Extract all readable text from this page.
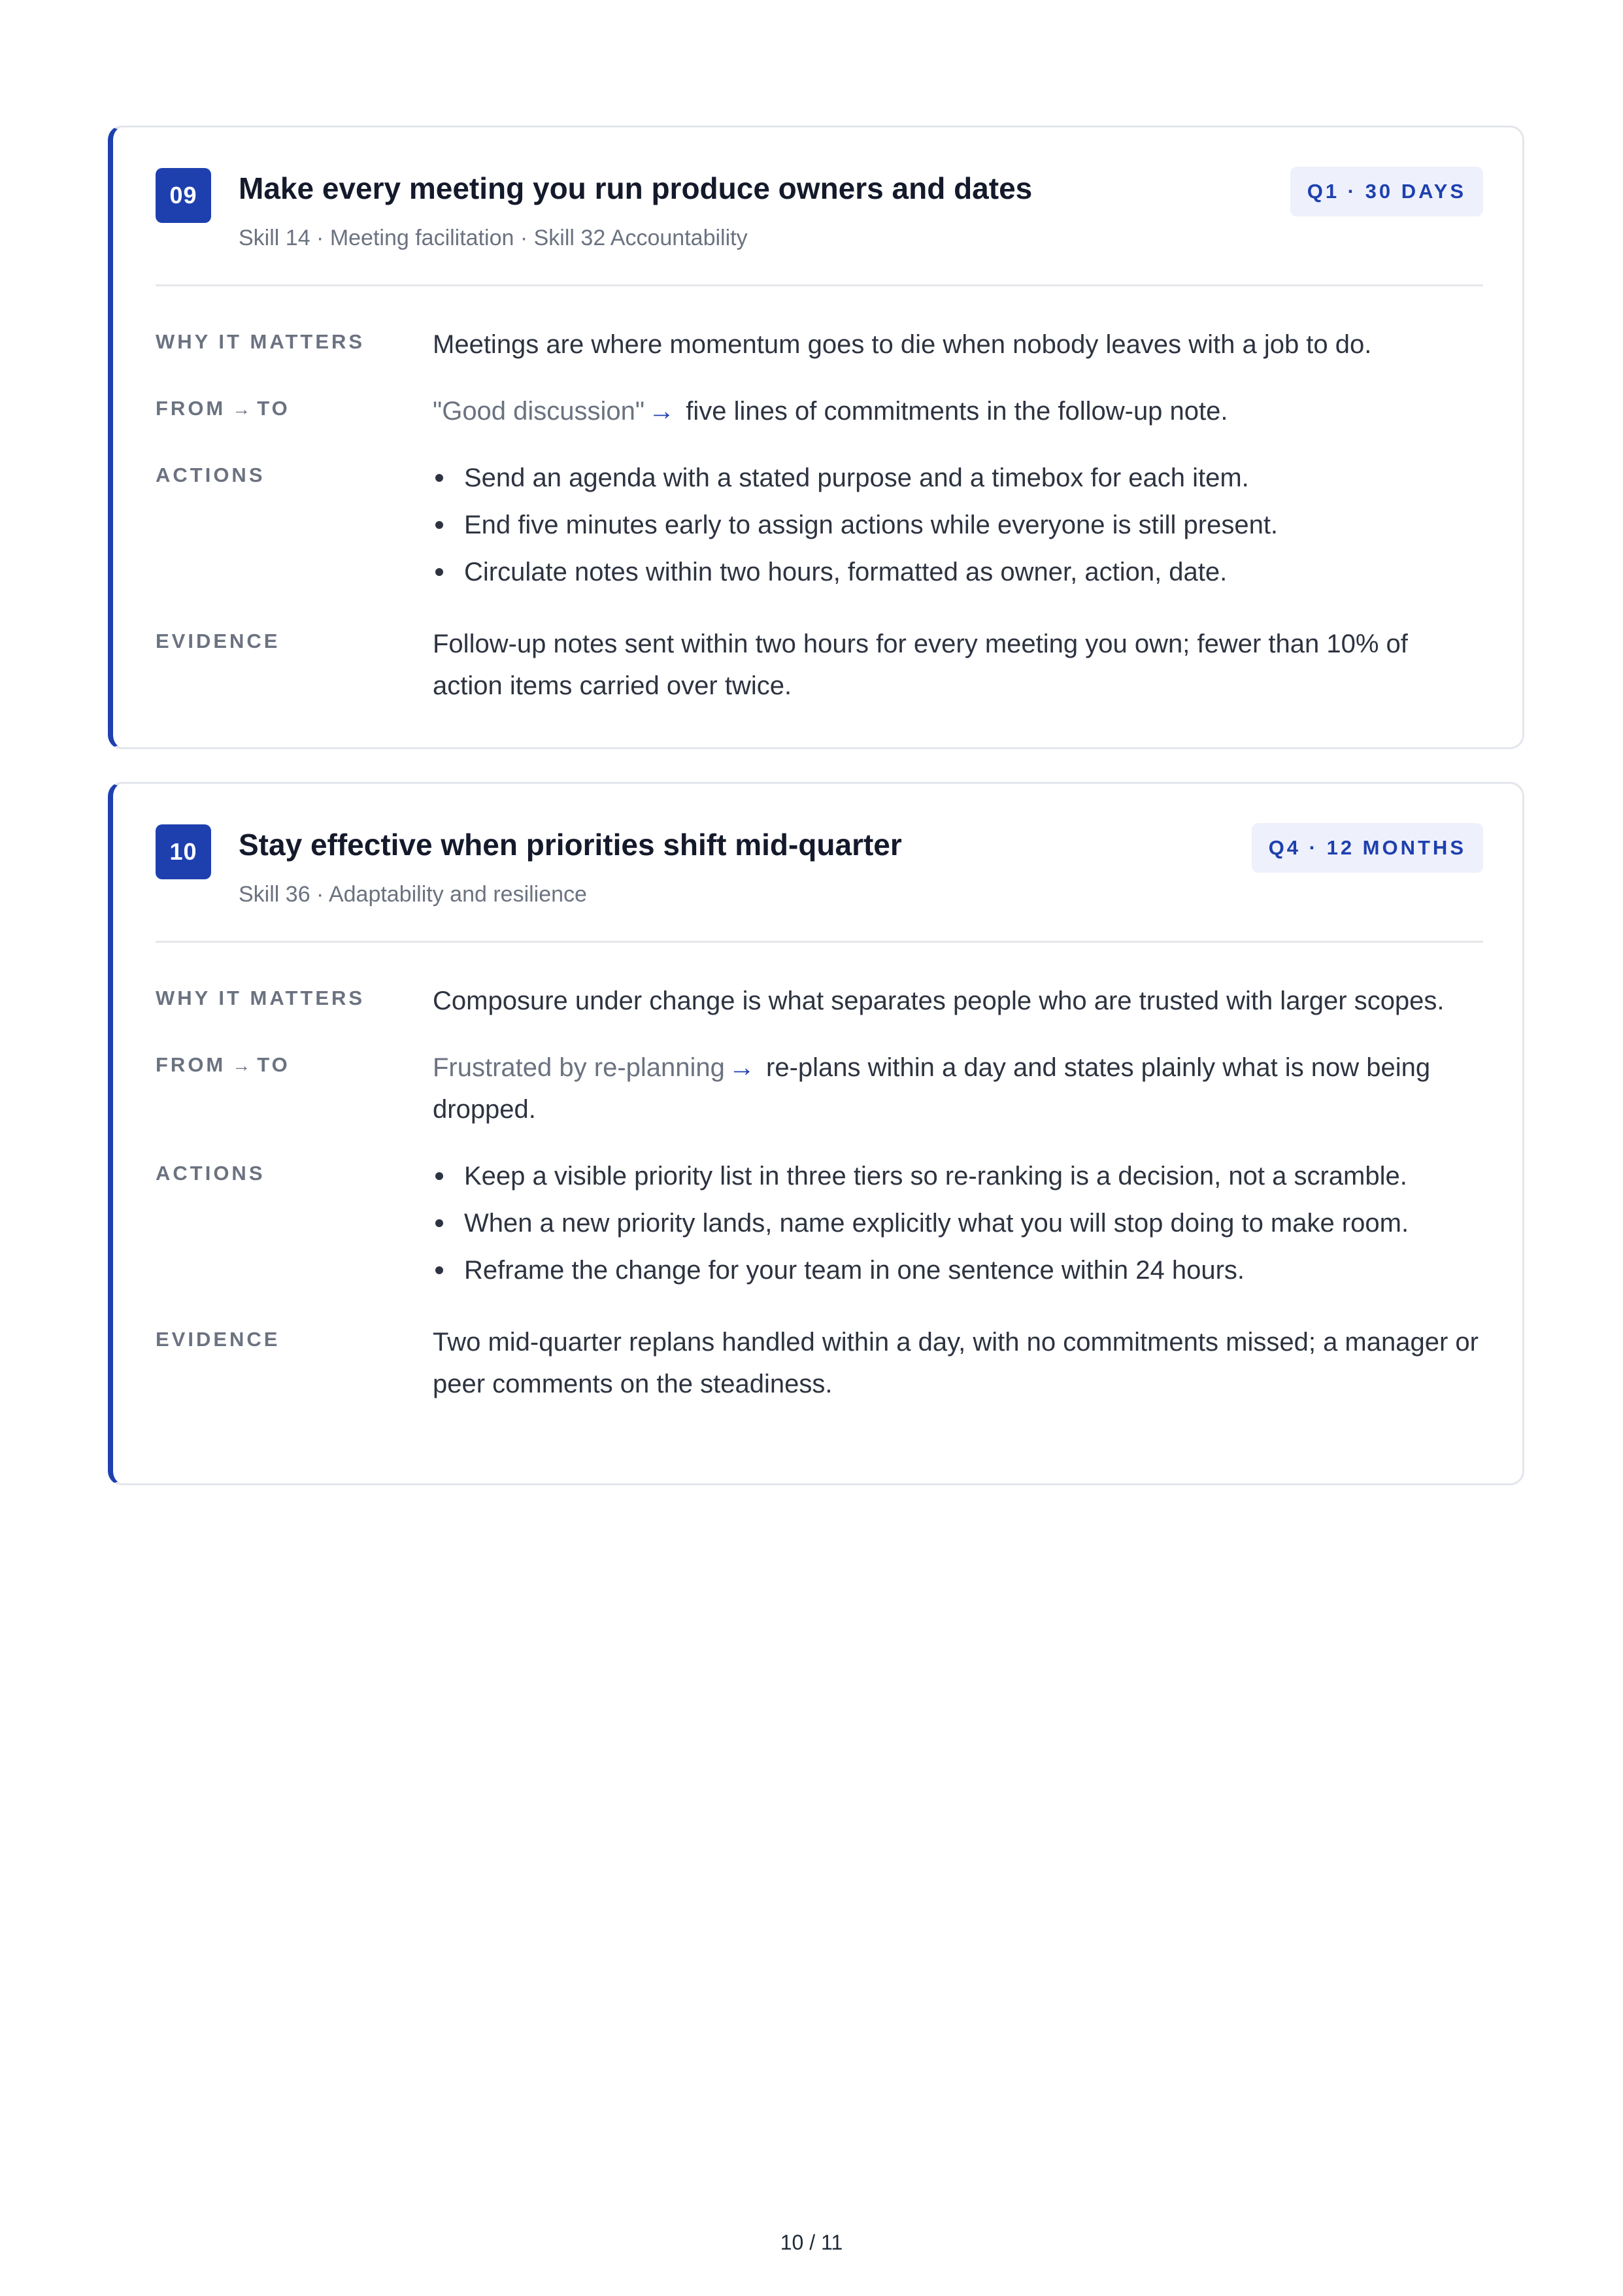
09	Make every meeting you run produce owners and dates
Skill 14 · Meeting facilitation · Skill 32 Accountability
Q1 · 30 DAYS
WHY IT MATTERS	Meetings are where momentum goes to die when nobody leaves with a job to do.
FROM → TO	"Good discussion" → five lines of commitments in the follow-up note.
ACTIONS	Send an agenda with a stated purpose and a timebox for each item.
End five minutes early to assign actions while everyone is still present.
Circulate notes within two hours, formatted as owner, action, date.
EVIDENCE	Follow-up notes sent within two hours for every meeting you own; fewer than 10% of action items carried over twice.
10	Stay effective when priorities shift mid-quarter
Skill 36 · Adaptability and resilience
Q4 · 12 MONTHS
WHY IT MATTERS	Composure under change is what separates people who are trusted with larger scopes.
FROM → TO	Frustrated by re-planning → re-plans within a day and states plainly what is now being dropped.
ACTIONS	Keep a visible priority list in three tiers so re-ranking is a decision, not a scramble.
When a new priority lands, name explicitly what you will stop doing to make room.
Reframe the change for your team in one sentence within 24 hours.
EVIDENCE	Two mid-quarter replans handled within a day, with no commitments missed; a manager or peer comments on the steadiness.
10 / 11
